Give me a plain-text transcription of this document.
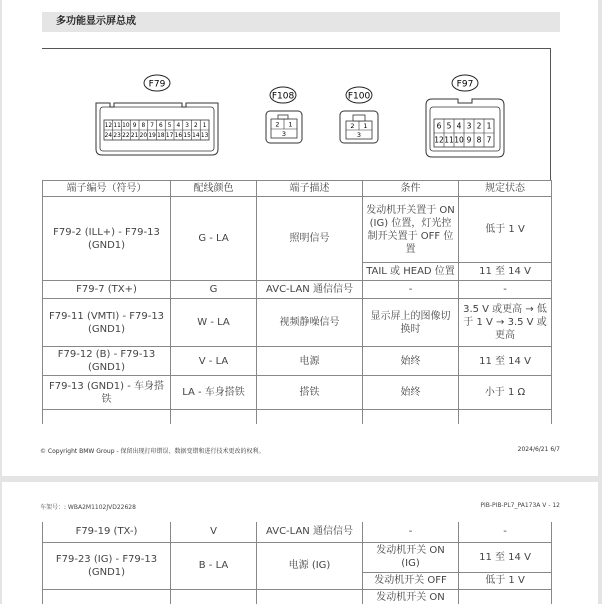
多功能显示屏总成
F79
12 11 10 9 8 7 6 5 4 3 2 1
24 23 22 21 20 19 18 17 16 15 14 13
F108
2 1
3
F100
2 1
3
F97
6 5 4 3 2 1
12 11 10 9 8 7
端子编号（符号）	配线颜色	端子描述	条件	规定状态
F79-2 (ILL+) - F79-13 (GND1)	G - LA	照明信号	发动机开关置于 ON (IG) 位置，灯光控制开关置于 OFF 位置	低于 1 V
			TAIL 或 HEAD 位置	11 至 14 V
F79-7 (TX+)	G	AVC-LAN 通信信号	-	-
F79-11 (VMTI) - F79-13 (GND1)	W - LA	视频静噪信号	显示屏上的图像切换时	3.5 V 或更高 → 低于 1 V → 3.5 V 或更高
F79-12 (B) - F79-13 (GND1)	V - LA	电源	始终	11 至 14 V
F79-13 (GND1) - 车身搭铁	LA - 车身搭铁	搭铁	始终	小于 1 Ω

© Copyright BMW Group - 保留出现打印错误、数据变错和进行技术更改的权利。	2024/6/21 6/7
车架号：: WBA2M1102JVD22628	PIB-PIB-PL7_PA173A V - 12
F79-19 (TX-)	V	AVC-LAN 通信信号	-	-
F79-23 (IG) - F79-13 (GND1)	B - LA	电源 (IG)	发动机开关 ON (IG)	11 至 14 V
			发动机开关 OFF	低于 1 V
			发动机开关 ON	
